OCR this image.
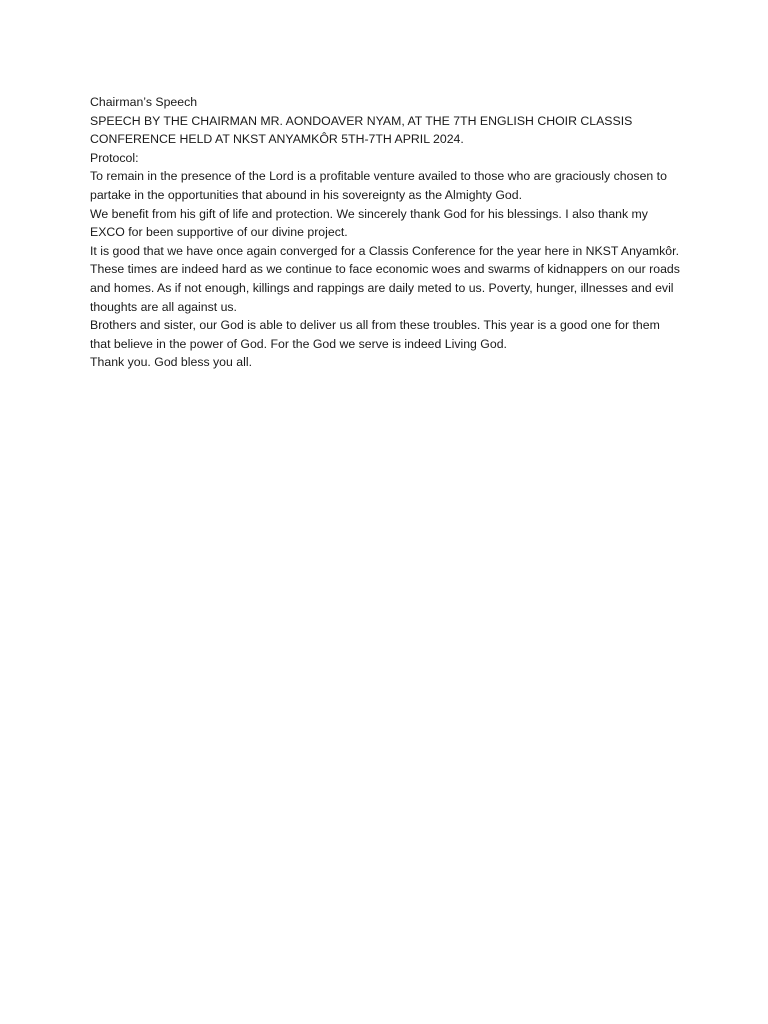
Chairman’s Speech

SPEECH BY THE CHAIRMAN MR. AONDOAVER NYAM, AT THE 7TH ENGLISH CHOIR CLASSIS CONFERENCE HELD AT NKST ANYAMKÔR 5TH-7TH APRIL 2024.

Protocol:

To remain in the presence of the Lord is a profitable venture availed to those who are graciously chosen to partake in the opportunities that abound in his sovereignty as the Almighty God.

We benefit from his gift of life and protection. We sincerely thank God for his blessings. I also thank my EXCO for been supportive of our divine project.

It is good that we have once again converged for a Classis Conference for the year here in NKST Anyamkôr.

These times are indeed hard as we continue to face economic woes and swarms of kidnappers on our roads and homes. As if not enough, killings and rappings are daily meted to us. Poverty, hunger, illnesses and evil thoughts are all against us.

Brothers and sister, our God is able to deliver us all from these troubles. This year is a good one for them that believe in the power of God. For the God we serve is indeed Living God.

Thank you. God bless you all.
